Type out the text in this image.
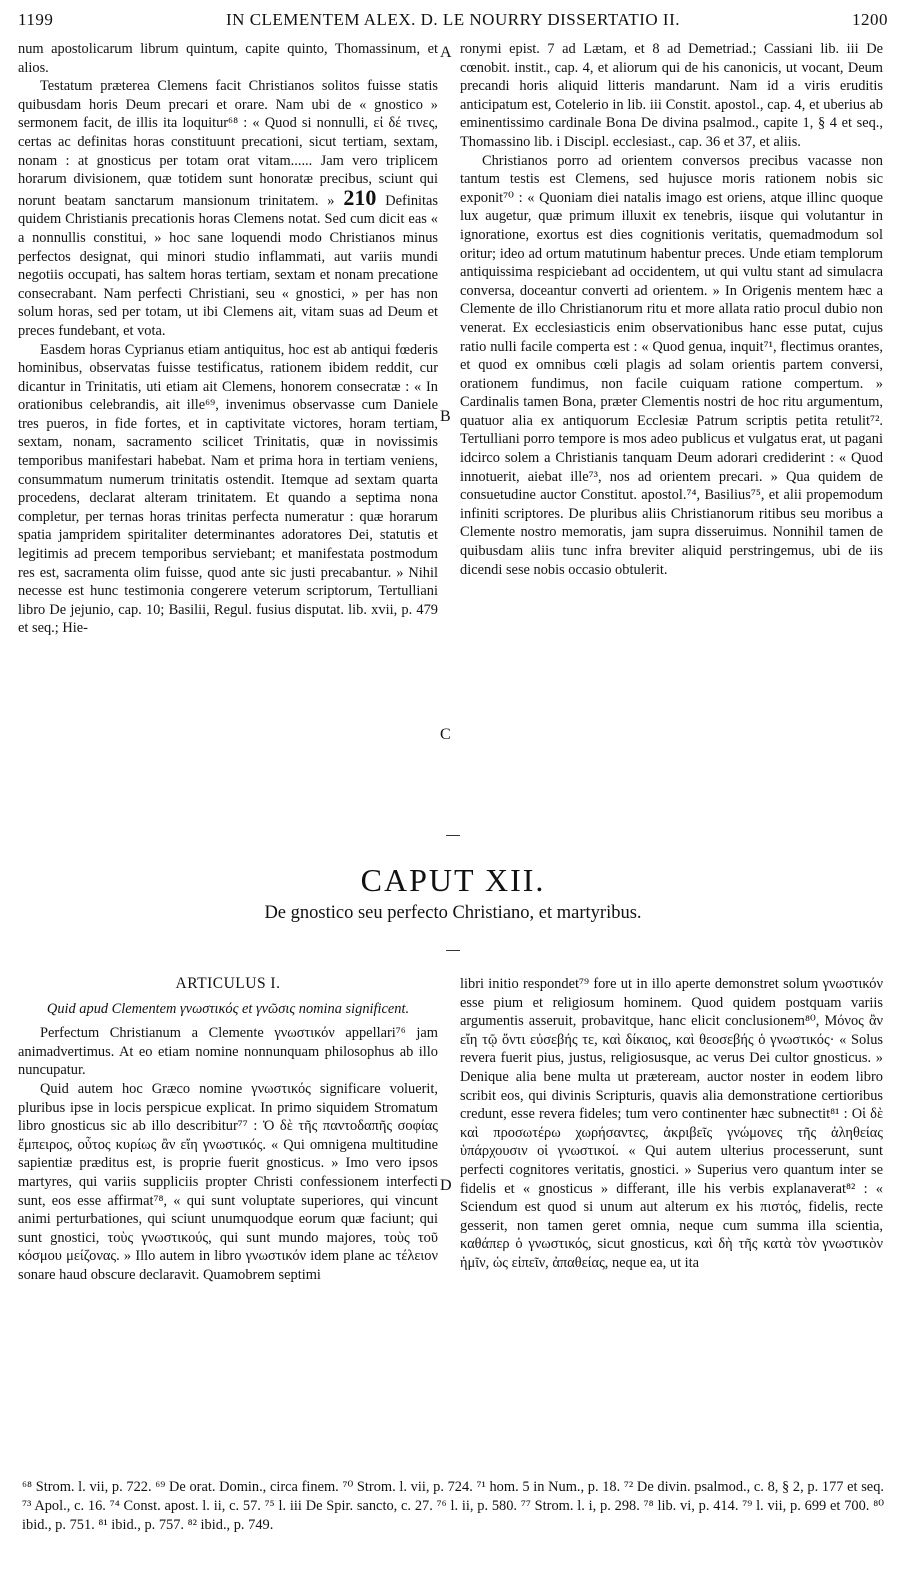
1199	IN CLEMENTEM ALEX. D. LE NOURRY DISSERTATIO II.	1200
A
B
C
D

num apostolicarum librum quintum, capite quinto, Thomassinum, et alios.

Testatum præterea Clemens facit Christianos solitos fuisse statis quibusdam horis Deum precari et orare. Nam ubi de « gnostico » sermonem facit, de illis ita loquitur⁶⁸ : « Quod si nonnulli, εἰ δέ τινες, certas ac definitas horas constituunt precationi, sicut tertiam, sextam, nonam : at gnosticus per totam orat vitam...... Jam vero triplicem horarum divisionem, quæ totidem sunt honoratæ precibus, sciunt qui norunt beatam sanctarum mansionum trinitatem. » 210 Definitas quidem Christianis precationis horas Clemens notat. Sed cum dicit eas « a nonnullis constitui, » hoc sane loquendi modo Christianos minus perfectos designat, qui minori studio inflammati, aut variis mundi negotiis occupati, has saltem horas tertiam, sextam et nonam precatione consecrabant. Nam perfecti Christiani, seu « gnostici, » per has non solum horas, sed per totam, ut ibi Clemens ait, vitam suas ad Deum et preces fundebant, et vota.

Easdem horas Cyprianus etiam antiquitus, hoc est ab antiqui fœderis hominibus, observatas fuisse testificatus, rationem ibidem reddit, cur dicantur in Trinitatis, uti etiam ait Clemens, honorem consecratæ : « In orationibus celebrandis, ait ille⁶⁹, invenimus observasse cum Daniele tres pueros, in fide fortes, et in captivitate victores, horam tertiam, sextam, nonam, sacramento scilicet Trinitatis, quæ in novissimis temporibus manifestari habebat. Nam et prima hora in tertiam veniens, consummatum numerum trinitatis ostendit. Itemque ad sextam quarta procedens, declarat alteram trinitatem. Et quando a septima nona completur, per ternas horas trinitas perfecta numeratur : quæ horarum spatia jampridem spiritaliter determinantes adoratores Dei, statutis et legitimis ad precem temporibus serviebant; et manifestata postmodum res est, sacramenta olim fuisse, quod ante sic justi precabantur. » Nihil necesse est hunc testimonia congerere veterum scriptorum, Tertulliani libro De jejunio, cap. 10; Basilii, Regul. fusius disputat. lib. xvii, p. 479 et seq.; Hie-

ronymi epist. 7 ad Lætam, et 8 ad Demetriad.; Cassiani lib. iii De cœnobit. instit., cap. 4, et aliorum qui de his canonicis, ut vocant, Deum precandi horis aliquid litteris mandarunt. Nam id a viris eruditis anticipatum est, Cotelerio in lib. iii Constit. apostol., cap. 4, et uberius ab eminentissimo cardinale Bona De divina psalmod., capite 1, § 4 et seq., Thomassino lib. i Discipl. ecclesiast., cap. 36 et 37, et aliis.

Christianos porro ad orientem conversos precibus vacasse non tantum testis est Clemens, sed hujusce moris rationem nobis sic exponit⁷⁰ : « Quoniam diei natalis imago est oriens, atque illinc quoque lux augetur, quæ primum illuxit ex tenebris, iisque qui volutantur in ignoratione, exortus est dies cognitionis veritatis, quemadmodum sol oritur; ideo ad ortum matutinum habentur preces. Unde etiam templorum antiquissima respiciebant ad occidentem, ut qui vultu stant ad simulacra conversa, doceantur converti ad orientem. » In Origenis mentem hæc a Clemente de illo Christianorum ritu et more allata ratio procul dubio non venerat. Ex ecclesiasticis enim observationibus hanc esse putat, cujus ratio nulli facile comperta est : « Quod genua, inquit⁷¹, flectimus orantes, et quod ex omnibus cœli plagis ad solam orientis partem conversi, orationem fundimus, non facile cuiquam ratione compertum. » Cardinalis tamen Bona, præter Clementis nostri de hoc ritu argumentum, quatuor alia ex antiquorum Ecclesiæ Patrum scriptis petita retulit⁷². Tertulliani porro tempore is mos adeo publicus et vulgatus erat, ut pagani idcirco solem a Christianis tanquam Deum adorari crediderint : « Quod innotuerit, aiebat ille⁷³, nos ad orientem precari. » Qua quidem de consuetudine auctor Constitut. apostol.⁷⁴, Basilius⁷⁵, et alii propemodum infiniti scriptores. De pluribus aliis Christianorum ritibus seu moribus a Clemente nostro memoratis, jam supra disseruimus. Nonnihil tamen de quibusdam aliis tunc infra breviter aliquid perstringemus, ubi de iis dicendi sese nobis occasio obtulerit.

CAPUT XII.
De gnostico seu perfecto Christiano, et martyribus.
ARTICULUS I.
Quid apud Clementem γνωστικός et γνῶσις nomina significent.

Perfectum Christianum a Clemente γνωστικόν appellari⁷⁶ jam animadvertimus. At eo etiam nomine nonnunquam philosophus ab illo nuncupatur.

Quid autem hoc Græco nomine γνωστικός significare voluerit, pluribus ipse in locis perspicue explicat. In primo siquidem Stromatum libro gnosticus sic ab illo describitur⁷⁷ : Ὁ δὲ τῆς παντοδαπῆς σοφίας ἔμπειρος, οὗτος κυρίως ἂν εἴη γνωστικός. « Qui omnigena multitudine sapientiæ præditus est, is proprie fuerit gnosticus. » Imo vero ipsos martyres, qui variis suppliciis propter Christi confessionem interfecti sunt, eos esse affirmat⁷⁸, « qui sunt voluptate superiores, qui vincunt animi perturbationes, qui sciunt unumquodque eorum quæ faciunt; qui sunt gnostici, τοὺς γνωστικούς, qui sunt mundo majores, τοὺς τοῦ κόσμου μείζονας. » Illo autem in libro γνωστικόν idem plane ac τέλειον sonare haud obscure declaravit. Quamobrem septimi

libri initio respondet⁷⁹ fore ut in illo aperte demonstret solum γνωστικόν esse pium et religiosum hominem. Quod quidem postquam variis argumentis asseruit, probavitque, hanc elicit conclusionem⁸⁰, Μόνος ἂν εἴη τῷ ὄντι εὐσεβής τε, καὶ δίκαιος, καὶ θεοσεβής ὁ γνωστικός· « Solus revera fuerit pius, justus, religiosusque, ac verus Dei cultor gnosticus. » Denique alia bene multa ut præteream, auctor noster in eodem libro scribit eos, qui divinis Scripturis, quavis alia demonstratione certioribus credunt, esse revera fideles; tum vero continenter hæc subnectit⁸¹ : Οἱ δὲ καὶ προσωτέρω χωρήσαντες, ἀκριβεῖς γνώμονες τῆς ἀληθείας ὑπάρχουσιν οἱ γνωστικοί. « Qui autem ulterius processerunt, sunt perfecti cognitores veritatis, gnostici. » Superius vero quantum inter se fidelis et « gnosticus » differant, ille his verbis explanaverat⁸² : « Sciendum est quod si unum aut alterum ex his πιστός, fidelis, recte gesserit, non tamen geret omnia, neque cum summa illa scientia, καθάπερ ὁ γνωστικός, sicut gnosticus, καὶ δὴ τῆς κατὰ τὸν γνωστικὸν ἡμῖν, ὡς εἰπεῖν, ἀπαθείας, neque ea, ut ita

⁶⁸ Strom. l. vii, p. 722. ⁶⁹ De orat. Domin., circa finem. ⁷⁰ Strom. l. vii, p. 724. ⁷¹ hom. 5 in Num., p. 18. ⁷² De divin. psalmod., c. 8, § 2, p. 177 et seq. ⁷³ Apol., c. 16. ⁷⁴ Const. apost. l. ii, c. 57. ⁷⁵ l. iii De Spir. sancto, c. 27. ⁷⁶ l. ii, p. 580. ⁷⁷ Strom. l. i, p. 298. ⁷⁸ lib. vi, p. 414. ⁷⁹ l. vii, p. 699 et 700. ⁸⁰ ibid., p. 751. ⁸¹ ibid., p. 757. ⁸² ibid., p. 749.
